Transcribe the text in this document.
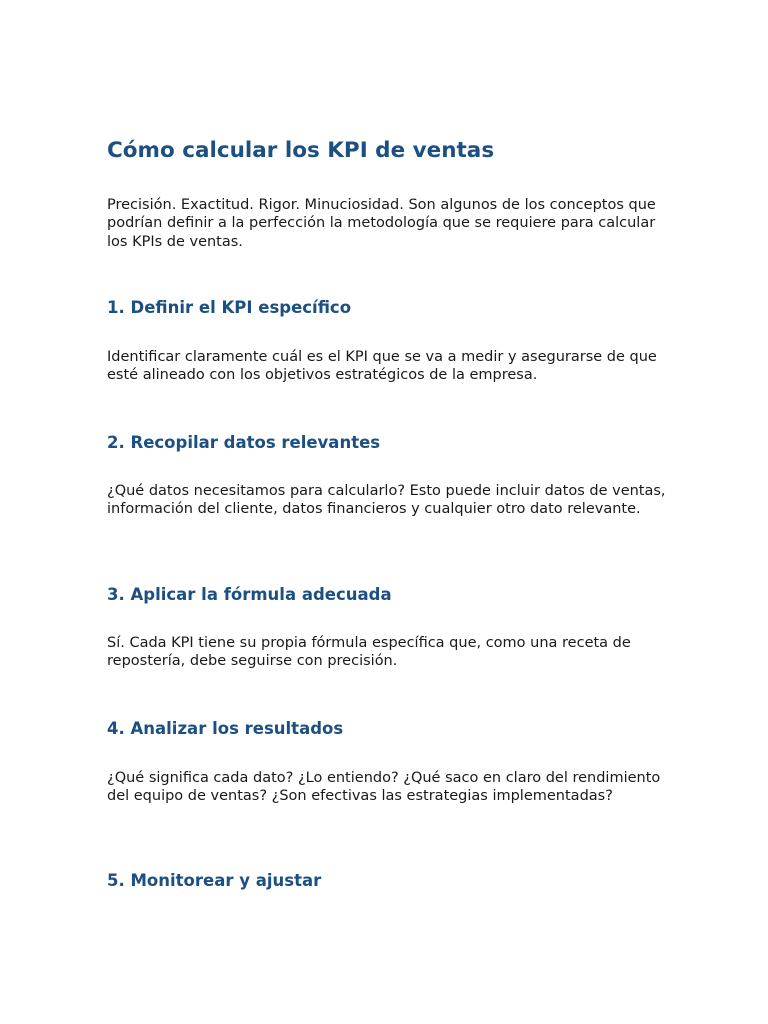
Cómo calcular los KPI de ventas

Precisión. Exactitud. Rigor. Minuciosidad. Son algunos de los conceptos que podrían definir a la perfección la metodología que se requiere para calcular los KPIs de ventas.

1. Definir el KPI específico

Identificar claramente cuál es el KPI que se va a medir y asegurarse de que esté alineado con los objetivos estratégicos de la empresa.

2. Recopilar datos relevantes

¿Qué datos necesitamos para calcularlo? Esto puede incluir datos de ventas, información del cliente, datos financieros y cualquier otro dato relevante.

3. Aplicar la fórmula adecuada

Sí. Cada KPI tiene su propia fórmula específica que, como una receta de repostería, debe seguirse con precisión.

4. Analizar los resultados

¿Qué significa cada dato? ¿Lo entiendo? ¿Qué saco en claro del rendimiento del equipo de ventas? ¿Son efectivas las estrategias implementadas?

5. Monitorear y ajustar
